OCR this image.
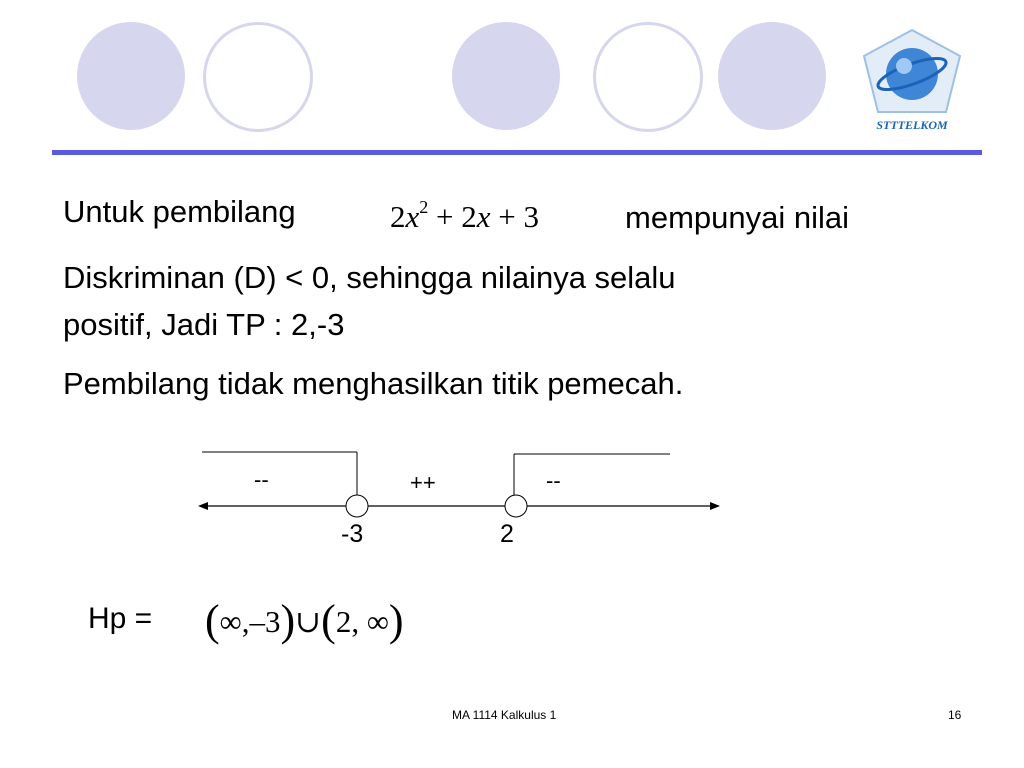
STTTELKOM
Untuk pembilang	$2x^2 + 2x + 3$	mempunyai nilai
Diskriminan (D) < 0, sehingga nilainya selalu
positif, Jadi TP : 2,-3
Pembilang tidak menghasilkan titik pemecah.
--	++	--
-3	2
Hp = (∞,–3)∪(2, ∞)
MA 1114 Kalkulus 1	16
